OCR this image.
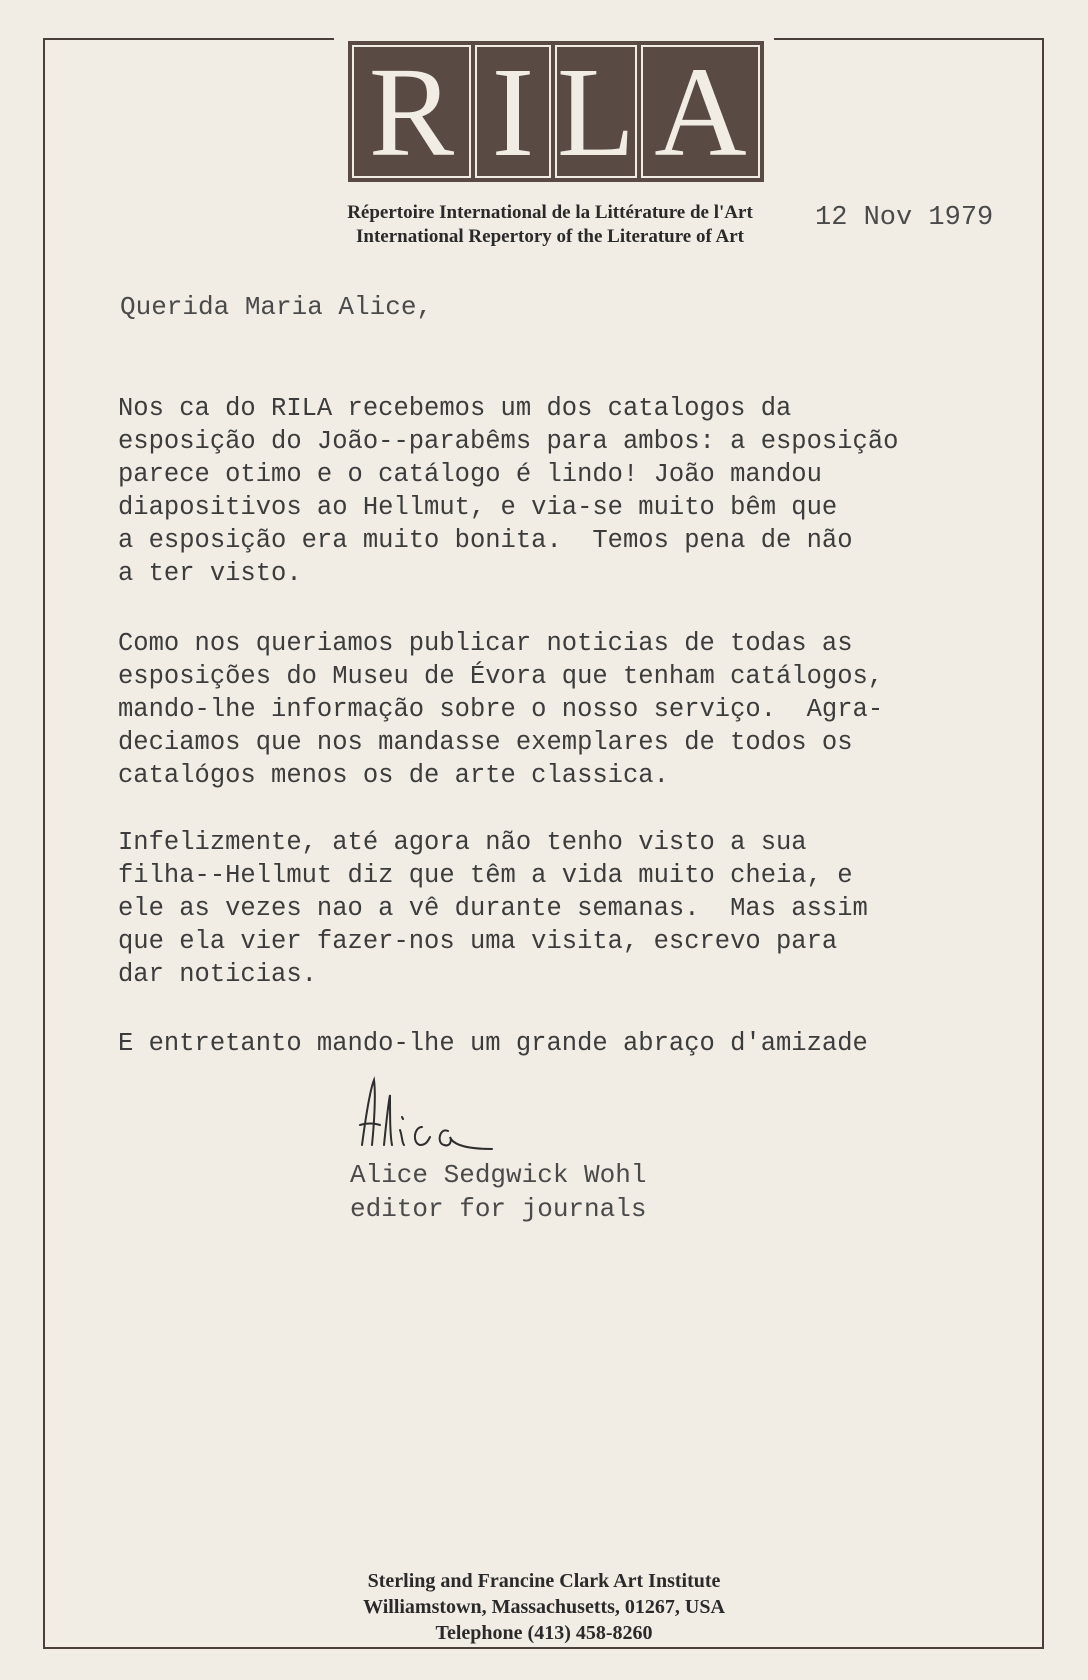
R I L A
Répertoire International de la Littérature de l'Art
International Repertory of the Literature of Art
12 Nov 1979
Querida Maria Alice,

Nos ca do RILA recebemos um dos catalogos da
esposição do João--parabêms para ambos: a esposição
parece otimo e o catálogo é lindo! João mandou
diapositivos ao Hellmut, e via-se muito bêm que
a esposição era muito bonita.  Temos pena de não
a ter visto.

Como nos queriamos publicar noticias de todas as
esposições do Museu de Évora que tenham catálogos,
mando-lhe informação sobre o nosso serviço.  Agra-
deciamos que nos mandasse exemplares de todos os
catalógos menos os de arte classica.

Infelizmente, até agora não tenho visto a sua
filha--Hellmut diz que têm a vida muito cheia, e
ele as vezes nao a vê durante semanas.  Mas assim
que ela vier fazer-nos uma visita, escrevo para
dar noticias.

E entretanto mando-lhe um grande abraço d'amizade

Alice Sedgwick Wohl
editor for journals
Sterling and Francine Clark Art Institute
Williamstown, Massachusetts, 01267, USA
Telephone (413) 458-8260
